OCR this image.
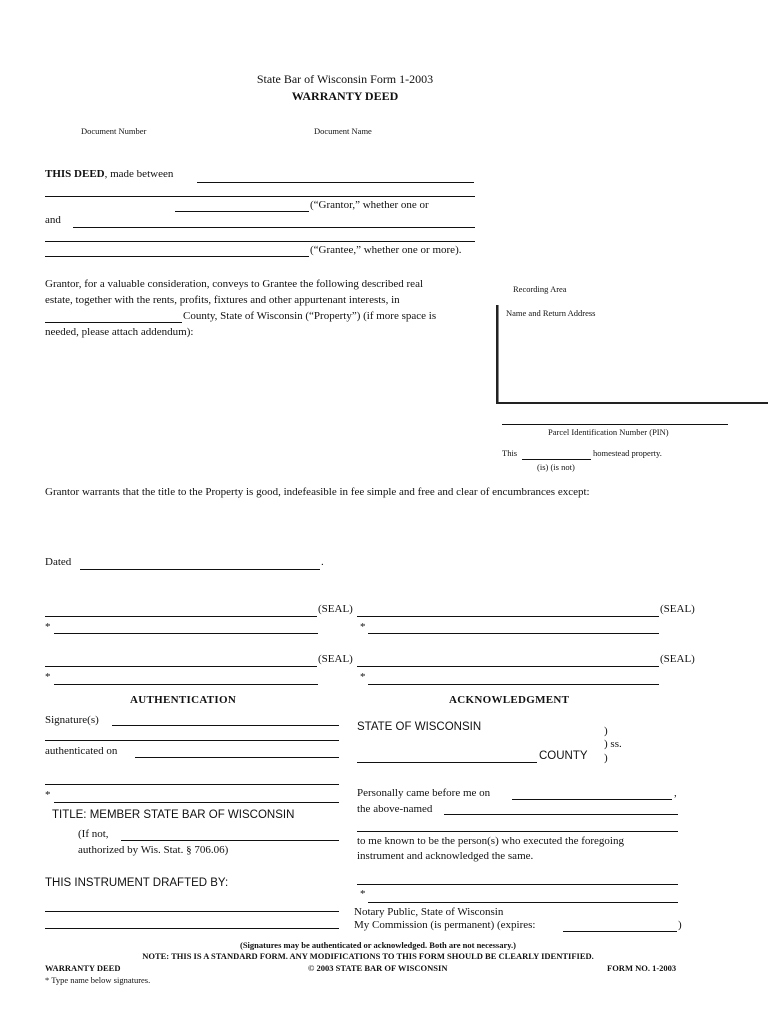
State Bar of Wisconsin Form 1-2003
WARRANTY DEED
Document Number	Document Name
THIS DEED, made between
(“Grantor,” whether one or
and
(“Grantee,” whether one or more).
Grantor, for a valuable consideration, conveys to Grantee the following described real
estate, together with the rents, profits, fixtures and other appurtenant interests, in
County, State of Wisconsin (“Property”) (if more space is
needed, please attach addendum):
Recording Area
Name and Return Address
Parcel Identification Number (PIN)
This	homestead property.
(is) (is not)
Grantor warrants that the title to the Property is good, indefeasible in fee simple and free and clear of encumbrances except:
Dated	.
(SEAL)	(SEAL)
*	*
(SEAL)	(SEAL)
*	*
AUTHENTICATION
Signature(s)
authenticated on
*
TITLE: MEMBER STATE BAR OF WISCONSIN
(If not,
authorized by Wis. Stat. § 706.06)
THIS INSTRUMENT DRAFTED BY:
ACKNOWLEDGMENT
STATE OF WISCONSIN	)
) ss.
COUNTY )
Personally came before me on	,
the above-named
to me known to be the person(s) who executed the foregoing
instrument and acknowledged the same.
*
Notary Public, State of Wisconsin
My Commission (is permanent) (expires:	)
(Signatures may be authenticated or acknowledged. Both are not necessary.)
NOTE: THIS IS A STANDARD FORM. ANY MODIFICATIONS TO THIS FORM SHOULD BE CLEARLY IDENTIFIED.
WARRANTY DEED	© 2003 STATE BAR OF WISCONSIN	FORM NO. 1-2003
* Type name below signatures.
